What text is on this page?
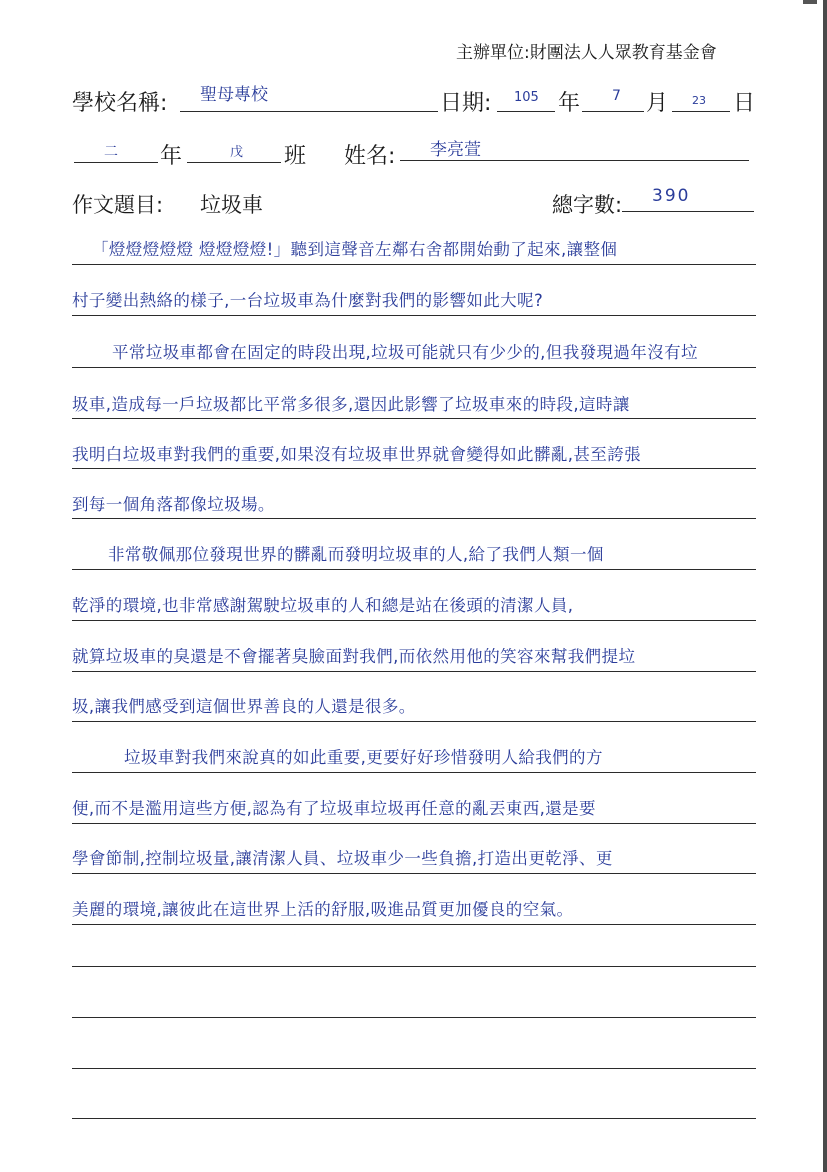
主辦單位:財團法人人眾教育基金會
學校名稱: 聖母專校	日期: 105 年 7 月 23 日
二 年	戊 班 姓名: 李亮萱
作文題目: 垃圾車	總字數: 390
「燈燈燈燈燈 燈燈燈燈!」聽到這聲音左鄰右舍都開始動了起來,讓整個
村子變出熱絡的樣子,一台垃圾車為什麼對我們的影響如此大呢?
平常垃圾車都會在固定的時段出現,垃圾可能就只有少少的,但我發現過年沒有垃
圾車,造成每一戶垃圾都比平常多很多,還因此影響了垃圾車來的時段,這時讓
我明白垃圾車對我們的重要,如果沒有垃圾車世界就會變得如此髒亂,甚至誇張
到每一個角落都像垃圾場。
非常敬佩那位發現世界的髒亂而發明垃圾車的人,給了我們人類一個
乾淨的環境,也非常感謝駕駛垃圾車的人和總是站在後頭的清潔人員,
就算垃圾車的臭還是不會擺著臭臉面對我們,而依然用他的笑容來幫我們提垃
圾,讓我們感受到這個世界善良的人還是很多。
垃圾車對我們來說真的如此重要,更要好好珍惜發明人給我們的方
便,而不是濫用這些方便,認為有了垃圾車垃圾再任意的亂丟東西,還是要
學會節制,控制垃圾量,讓清潔人員、垃圾車少一些負擔,打造出更乾淨、更
美麗的環境,讓彼此在這世界上活的舒服,吸進品質更加優良的空氣。
